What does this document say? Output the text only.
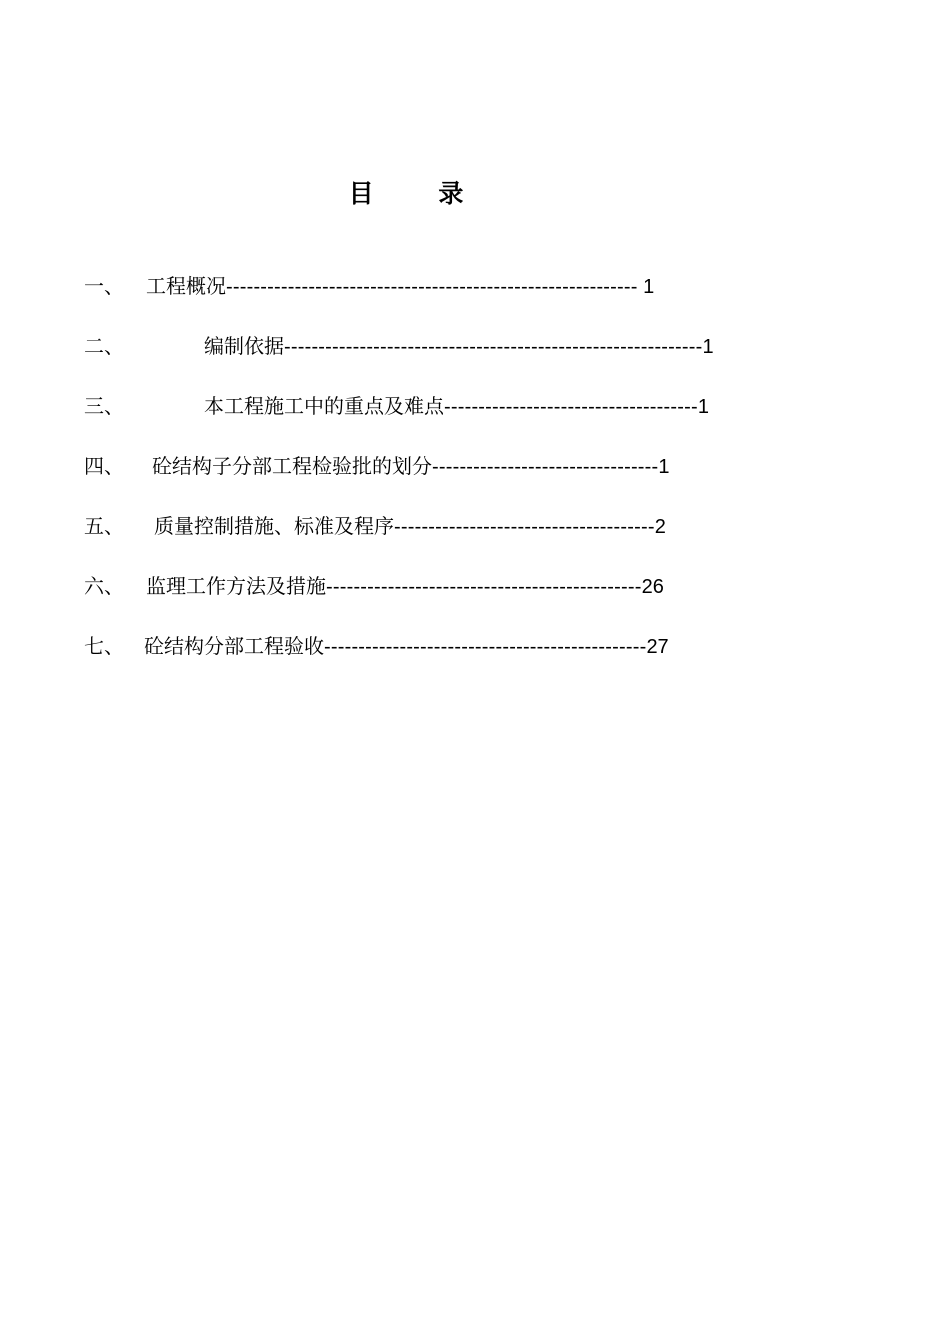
目 录
一、 工程概况------------------------------------------------------------ 1
二、	编制依据-------------------------------------------------------------1
三、	本工程施工中的重点及难点-------------------------------------1
四、 砼结构子分部工程检验批的划分---------------------------------1
五、 质量控制措施、标准及程序--------------------------------------2
六、 监理工作方法及措施----------------------------------------------26
七、 砼结构分部工程验收-----------------------------------------------27
